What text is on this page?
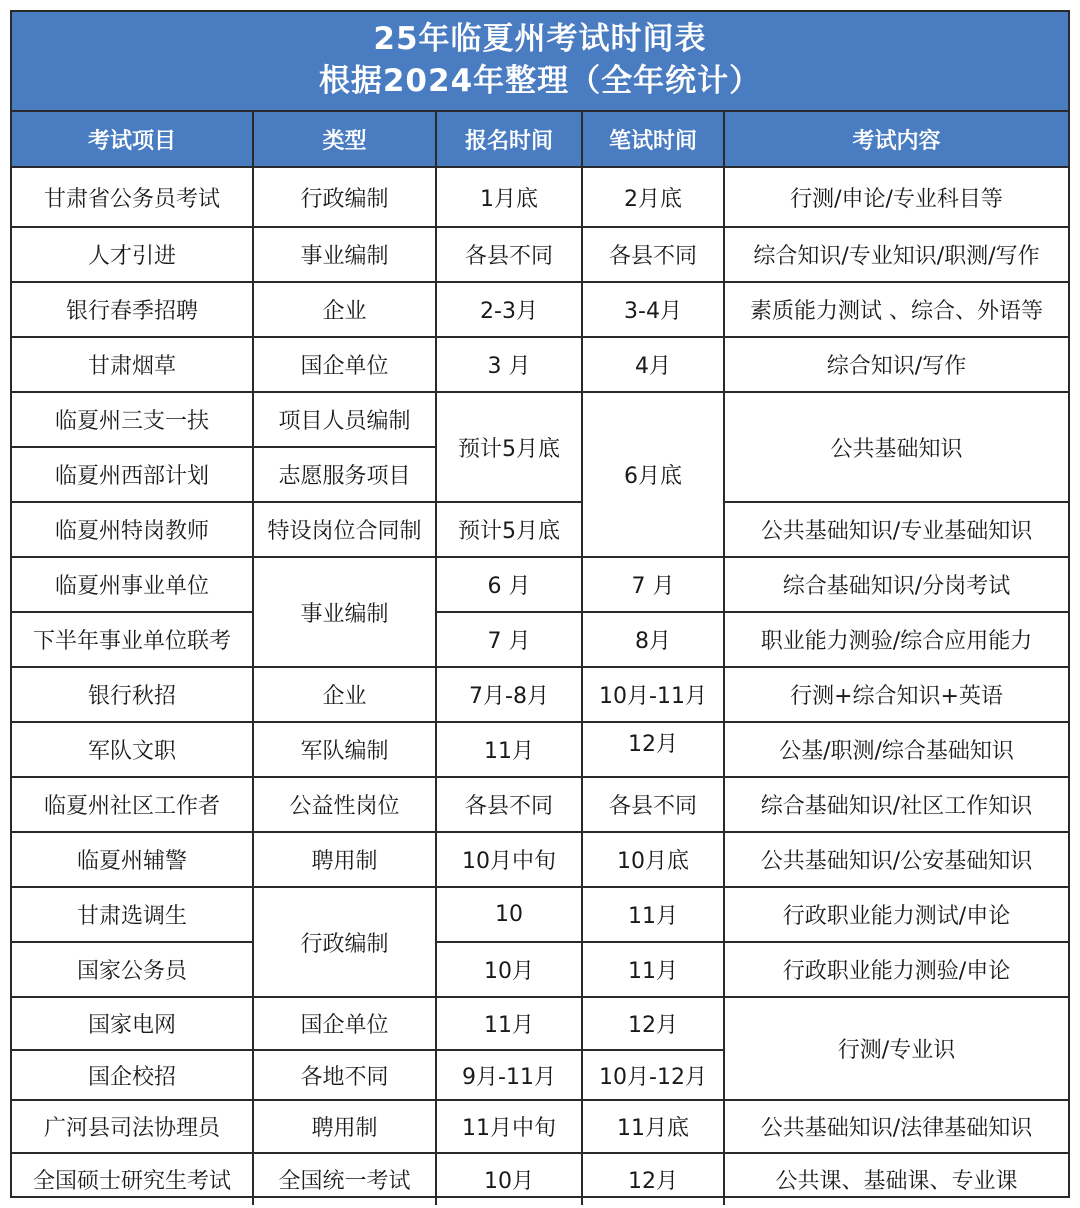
25年临夏州考试时间表
根据2024年整理（全年统计）
考试项目	类型	报名时间	笔试时间	考试内容
甘肃省公务员考试	行政编制	1月底	2月底	行测/申论/专业科目等
人才引进	事业编制	各县不同	各县不同	综合知识/专业知识/职测/写作
银行春季招聘	企业	2-3月	3-4月	素质能力测试 、综合、外语等
甘肃烟草	国企单位	3 月	4月	综合知识/写作
临夏州三支一扶	项目人员编制	预计5月底	6月底	公共基础知识
临夏州西部计划	志愿服务项目			
临夏州特岗教师	特设岗位合同制	预计5月底		公共基础知识/专业基础知识
临夏州事业单位	事业编制	6 月	7 月	综合基础知识/分岗考试
下半年事业单位联考		7 月	8月	职业能力测验/综合应用能力
银行秋招	企业	7月-8月	10月-11月	行测+综合知识+英语
军队文职	军队编制	11月	12月	公基/职测/综合基础知识
临夏州社区工作者	公益性岗位	各县不同	各县不同	综合基础知识/社区工作知识
临夏州辅警	聘用制	10月中旬	10月底	公共基础知识/公安基础知识
甘肃选调生	行政编制	10	11月	行政职业能力测试/申论
国家公务员		10月	11月	行政职业能力测验/申论
国家电网	国企单位	11月	12月	行测/专业识
国企校招	各地不同	9月-11月	10月-12月	
广河县司法协理员	聘用制	11月中旬	11月底	公共基础知识/法律基础知识
全国硕士研究生考试	全国统一考试	10月	12月	公共课、基础课、专业课
